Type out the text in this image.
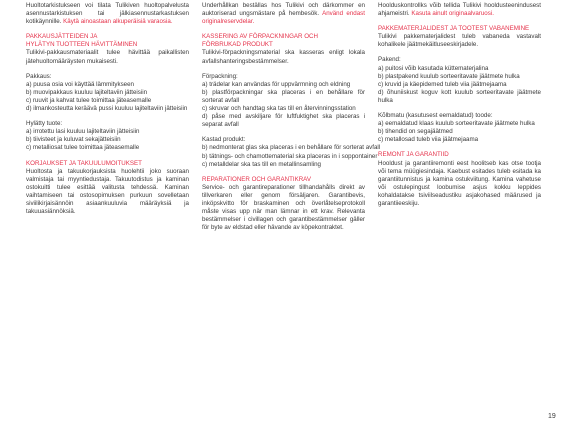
Huoltotarkistukseen voi tilata Tulikiven huoltopalvelusta asennustarkistuksen tai jälkiasennustarkastuksen kotikäynnille. Käytä ainoastaan alkuperäisiä varaosia.

PAKKAUSJÄTTEIDEN JA

HYLÄTYN TUOTTEEN HÄVITTÄMINEN

Tulikivi-pakkausmateriaalit tulee hävittää paikallisten jätehuoltomääräysten mukaisesti.

Pakkaus:

a) puusa osia voi käyttää lämmitykseen

b) muovipakkaus kuuluu lajiteltaviin jätteisiin

c) ruuvit ja kahvat tulee toimittaa jäteasemalle

d) ilmankosteutta keräävä pussi kuuluu lajiteltaviin jätteisiin

Hylätty tuote:

a) irrotettu lasi kuuluu lajiteltaviin jätteisiin

b) tiivisteet ja kuluvat sekajätteisiin

c) metalliosat tulee toimittaa jäteasemalle

KORJAUKSET JA TAKUULUMOITUKSET

Huoltosta ja takuukorjauksista huolehtii joko suoraan valmistaja tai myyntiedustaja. Takuutodistus ja kaminan ostokuitti tulee esittää valitusta tehdessä. Kaminan vaihtamiseen tai ostosopimuksen purkuun sovelletaan siviilikirjaisännöin asiaankuuluvia määräyksiä ja takuuasiännöksiä.

Underhållkan beställas hos Tulikivi och därkommer en auktoriserad ungsmästare på hembesök. Använd endast originalreservdelar.

KASSERING AV FÖRPACKNINGAR OCH

FÖRBRUKAD PRODUKT

Tulikivi-förpackningsmaterial ska kasseras enligt lokala avfallshanteringsbestämmelser.

Förpackning:

a) trädelar kan användas för uppvärmning och eldning

b) plastförpackningar ska placeras i en behållare för sorterat avfall

c) skruvar och handtag ska tas till en återvinningsstation

d) påse med avskiljare för luftfuktighet ska placeras i separat avfall

Kastad produkt:

b) nedmonterat glas ska placeras i en behållare för sorterat avfall

b) tätnings- och chamottematerial ska placeras in i soppontainer

c) metalldelar ska tas till en metallinsamling

REPARATIONER OCH GARANTIKRAV

Service- och garantireparationer tillhandahålls direkt av tillverkaren eller genom försäljaren. Garantibevis, inköpskvitto för braskaminen och överlåtelseprotokoll måste visas upp när man lämnar in ett krav. Relevanta bestämmelser i civillagen och garantibestämmelser gäller för byte av eldstad eller hävande av köpekontraktet.

Hoolduskontrollks võib tellida Tulikivi hooldusteenindusest ahjameistri. Kasuta ainult originaalvaruosi.

PAKKEMATERJALIDEST JA TOOTEST VABANEMINE

Tulikivi pakkematerjalidest tuleb vabaneda vastavalt kohalikele jäätmekäitluseeskirjadele.

Pakend:

a) puitosi võib kasutada küttematerjalina

b) plastpakend kuulub sorteeritavate jäätmete hulka

c) kruvid ja käepidemed tuleb viia jäätmejaama

d) õhuniiskust koguv kott kuulub sorteeritavate jäätmete hulka

Kõlbmatu (kasutusest eemaldatud) toode:

a) eemaldatud klaas kuulub sorteeritavate jäätmete hulka

b) tihendid on segajäätmed

c) metallosad tuleb viia jäätmejaama

REMONT JA GARANTIID

Hooldust ja garantiiremonti eest hoolitseb kas otse tootja või tema müügiesindaja. Kaebust esitades tuleb esitada ka garantiitunnistus ja kamina ostukviitung. Kamina vahetuse või ostulepingust loobumise asjus kokku leppides kohaldatakse tsiviilseadustiku asjakohased määrused ja garantiieeskiju.

19
